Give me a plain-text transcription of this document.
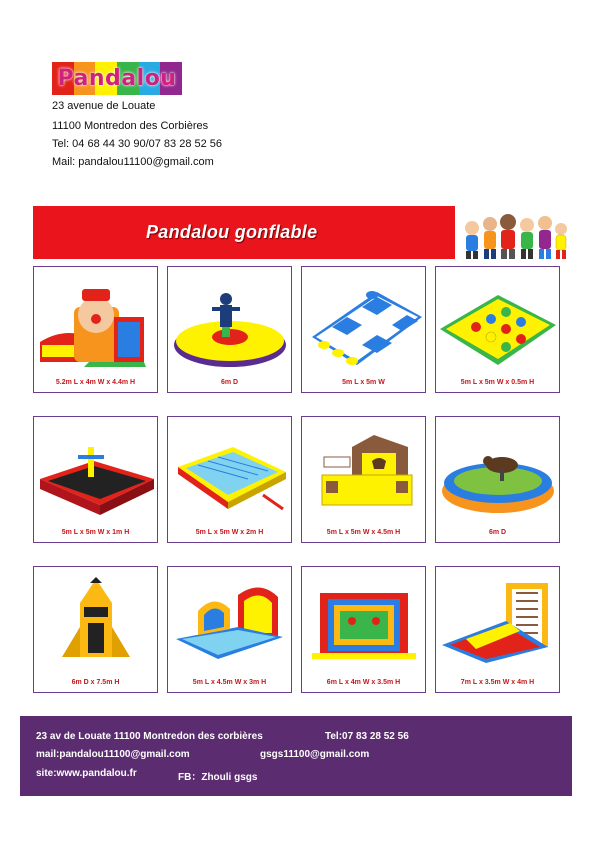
Pandalou
23 avenue de Louate
11100 Montredon des Corbières
Tel: 04 68 44 30 90/07 83 28 52 56
Mail: pandalou11100@gmail.com
Pandalou gonflable
5.2m L x 4m W x 4.4m H	6m D	5m L x 5m W	5m L x 5m W x 0.5m H
5m L x 5m W x 1m H	5m L x 5m W x 2m H	5m L x 5m W x 4.5m H	6m D
6m D x 7.5m H	5m L x 4.5m W x 3m H	6m L x 4m W x 3.5m H	7m L x 3.5m W x 4m H
23 av de Louate 11100 Montredon des corbières	Tel:07 83 28 52 56
mail:pandalou11100@gmail.com	gsgs11100@gmail.com
site:www.pandalou.fr	FB：Zhouli gsgs
